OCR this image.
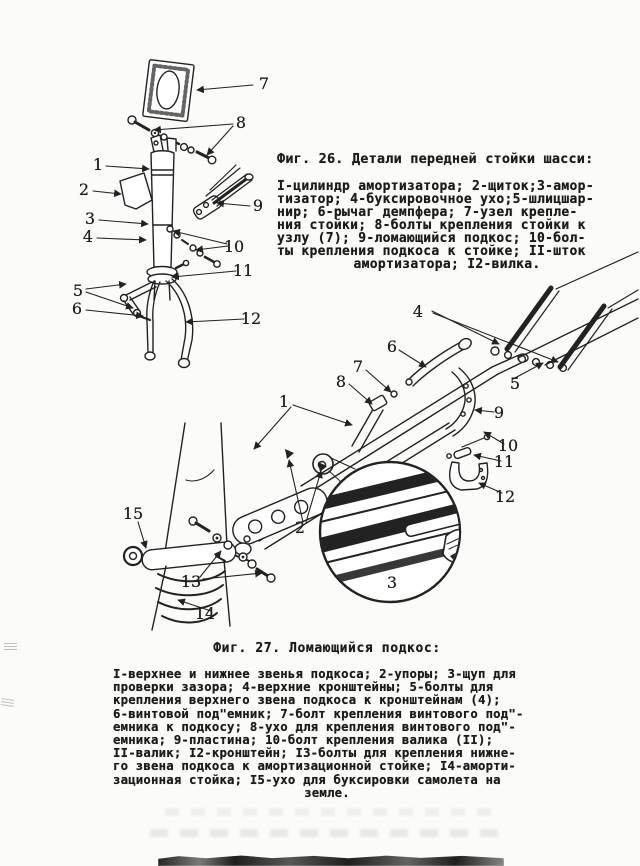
7
8
1
2
9
3
4
10
5
11
6
12	4
6
7
8	5
1
9
10
11
12
2
3
15
13
14
Фиг. 26. Детали передней стойки шасси:
I-цилиндр амортизатора; 2-щиток;3-амор-
тизатор; 4-буксировочное ухо;5-шлицшар-
нир; 6-рычаг демпфера; 7-узел крепле-
ния стойки; 8-болты крепления стойки к
узлу (7); 9-ломающийся подкос; 10-бол-
ты крепления подкоса к стойке; II-шток
амортизатора; I2-вилка.
Фиг. 27. Ломающийся подкос:
I-верхнее и нижнее звенья подкоса; 2-упоры; 3-щуп для
проверки зазора; 4-верхние кронштейны; 5-болты для
крепления верхнего звена подкоса к кронштейнам (4);
6-винтовой под"емник; 7-болт крепления винтового под"-
емника к подкосу; 8-ухо для крепления винтового под"-
емника; 9-пластина; 10-болт крепления валика (II);
II-валик; I2-кронштейн; I3-болты для крепления нижне-
го звена подкоса к амортизационной стойке; I4-аморти-
зационная стойка; I5-ухо для буксировки самолета на
земле.
